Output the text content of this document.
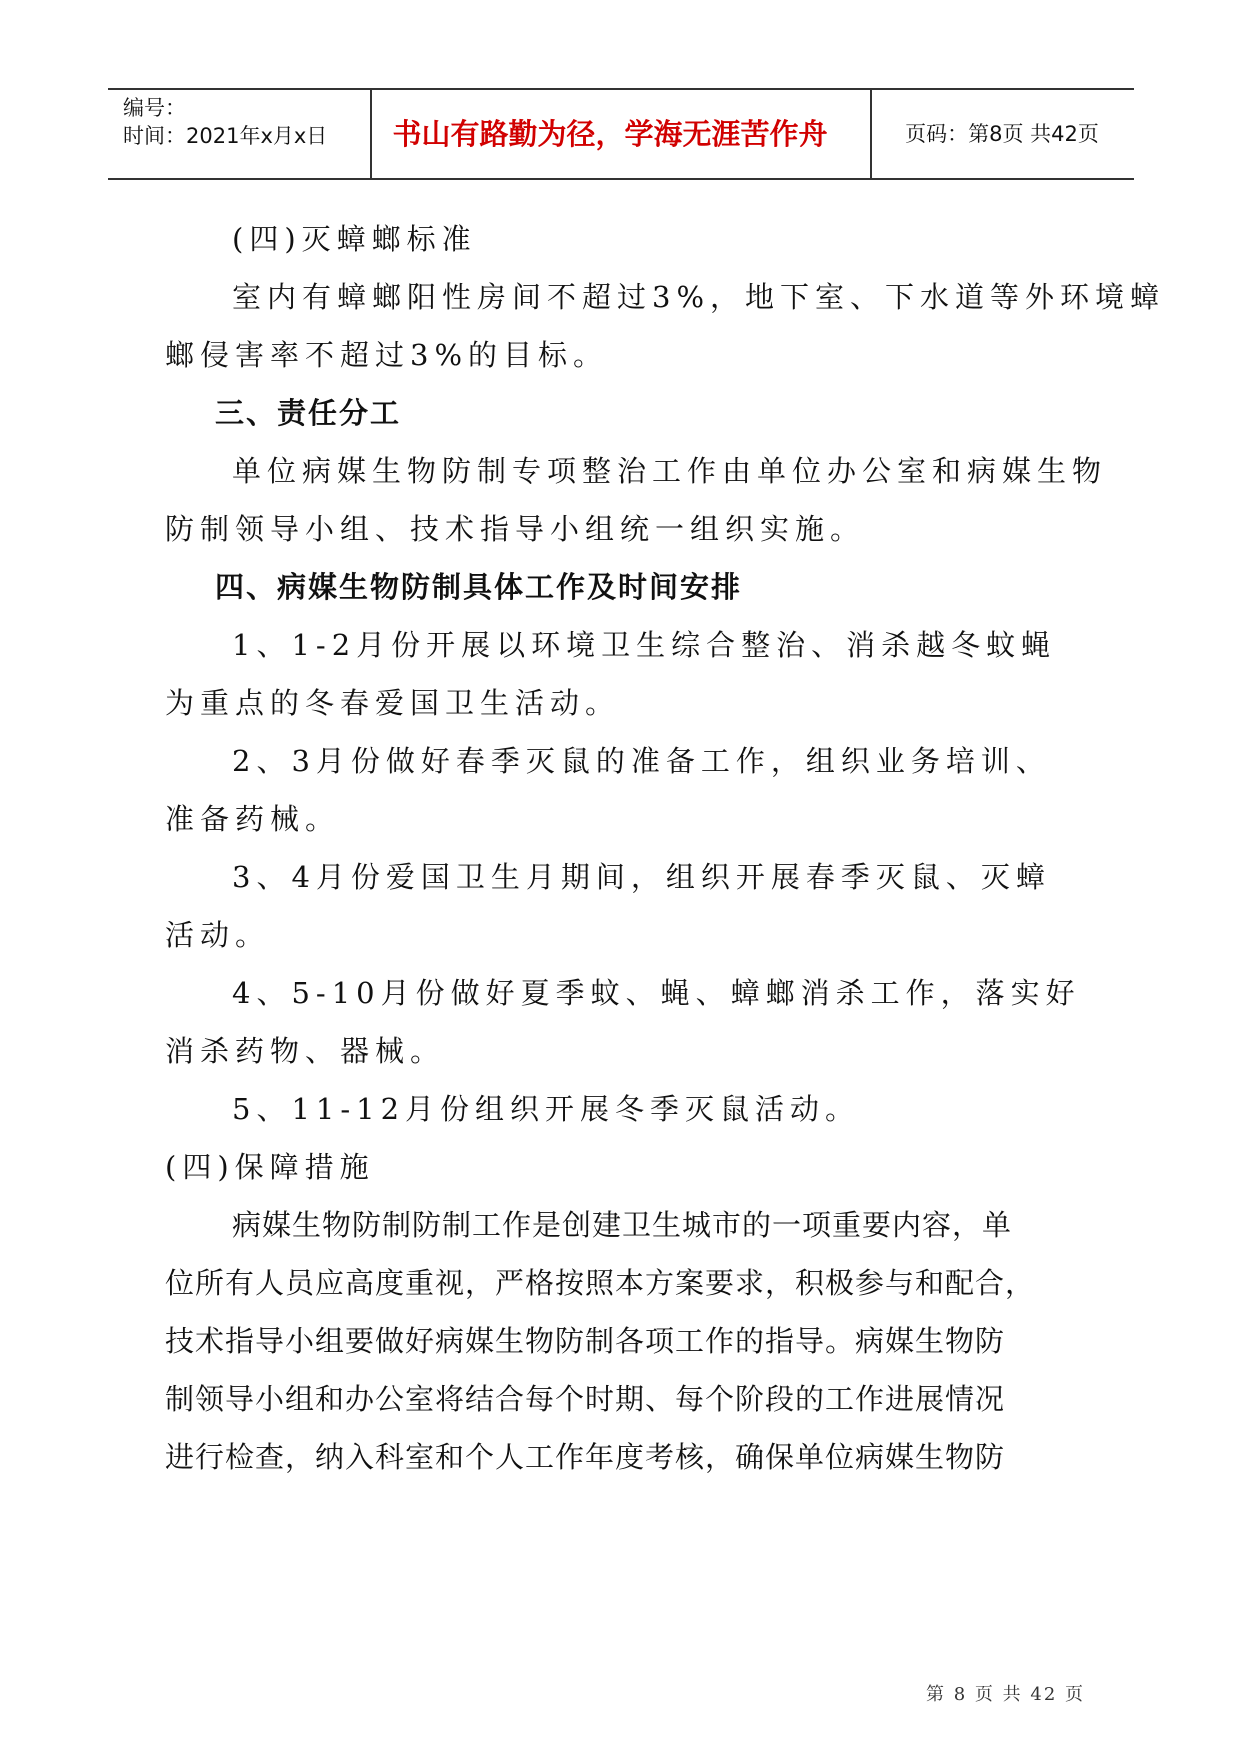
编号：
时间：2021年x月x日	书山有路勤为径，学海无涯苦作舟	页码：第8页 共42页

(四)灭蟑螂标准

室内有蟑螂阳性房间不超过3%，地下室、下水道等外环境蟑

螂侵害率不超过3%的目标。

三、责任分工

单位病媒生物防制专项整治工作由单位办公室和病媒生物

防制领导小组、技术指导小组统一组织实施。

四、病媒生物防制具体工作及时间安排

1、1-2月份开展以环境卫生综合整治、消杀越冬蚊蝇

为重点的冬春爱国卫生活动。

2、3月份做好春季灭鼠的准备工作，组织业务培训、

准备药械。

3、4月份爱国卫生月期间，组织开展春季灭鼠、灭蟑

活动。

4、5-10月份做好夏季蚊、蝇、蟑螂消杀工作，落实好

消杀药物、器械。

5、11-12月份组织开展冬季灭鼠活动。

(四)保障措施

病媒生物防制防制工作是创建卫生城市的一项重要内容，单

位所有人员应高度重视，严格按照本方案要求，积极参与和配合，

技术指导小组要做好病媒生物防制各项工作的指导。病媒生物防

制领导小组和办公室将结合每个时期、每个阶段的工作进展情况

进行检查，纳入科室和个人工作年度考核，确保单位病媒生物防

第 8 页 共 42 页
